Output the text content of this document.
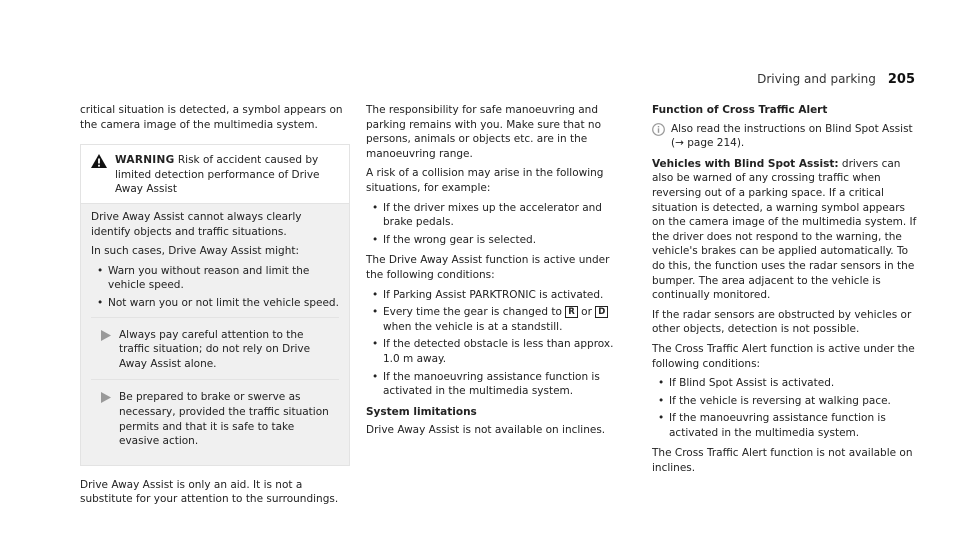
Driving and parking 205

critical situation is detected, a symbol appears on the camera image of the multimedia system.

WARNING Risk of accident caused by limited detection performance of Drive Away Assist

Drive Away Assist cannot always clearly identify objects and traffic situations.

In such cases, Drive Away Assist might:

• Warn you without reason and limit the vehicle speed.
• Not warn you or not limit the vehicle speed.
Always pay careful attention to the traffic situation; do not rely on Drive Away Assist alone.
Be prepared to brake or swerve as necessary, provided the traffic situation permits and that it is safe to take evasive action.

Drive Away Assist is only an aid. It is not a substitute for your attention to the surroundings.

The responsibility for safe manoeuvring and parking remains with you. Make sure that no persons, animals or objects etc. are in the manoeuvring range.

A risk of a collision may arise in the following situations, for example:

• If the driver mixes up the accelerator and brake pedals.
• If the wrong gear is selected.

The Drive Away Assist function is active under the following conditions:

• If Parking Assist PARKTRONIC is activated.
• Every time the gear is changed to R or D when the vehicle is at a standstill.
• If the detected obstacle is less than approx. 1.0 m away.
• If the manoeuvring assistance function is activated in the multimedia system.

System limitations

Drive Away Assist is not available on inclines.

Function of Cross Traffic Alert

Also read the instructions on Blind Spot Assist (→ page 214).

Vehicles with Blind Spot Assist: drivers can also be warned of any crossing traffic when reversing out of a parking space. If a critical situation is detected, a warning symbol appears on the camera image of the multimedia system. If the driver does not respond to the warning, the vehicle's brakes can be applied automatically. To do this, the function uses the radar sensors in the bumper. The area adjacent to the vehicle is continually monitored.

If the radar sensors are obstructed by vehicles or other objects, detection is not possible.

The Cross Traffic Alert function is active under the following conditions:

• If Blind Spot Assist is activated.
• If the vehicle is reversing at walking pace.
• If the manoeuvring assistance function is activated in the multimedia system.

The Cross Traffic Alert function is not available on inclines.
